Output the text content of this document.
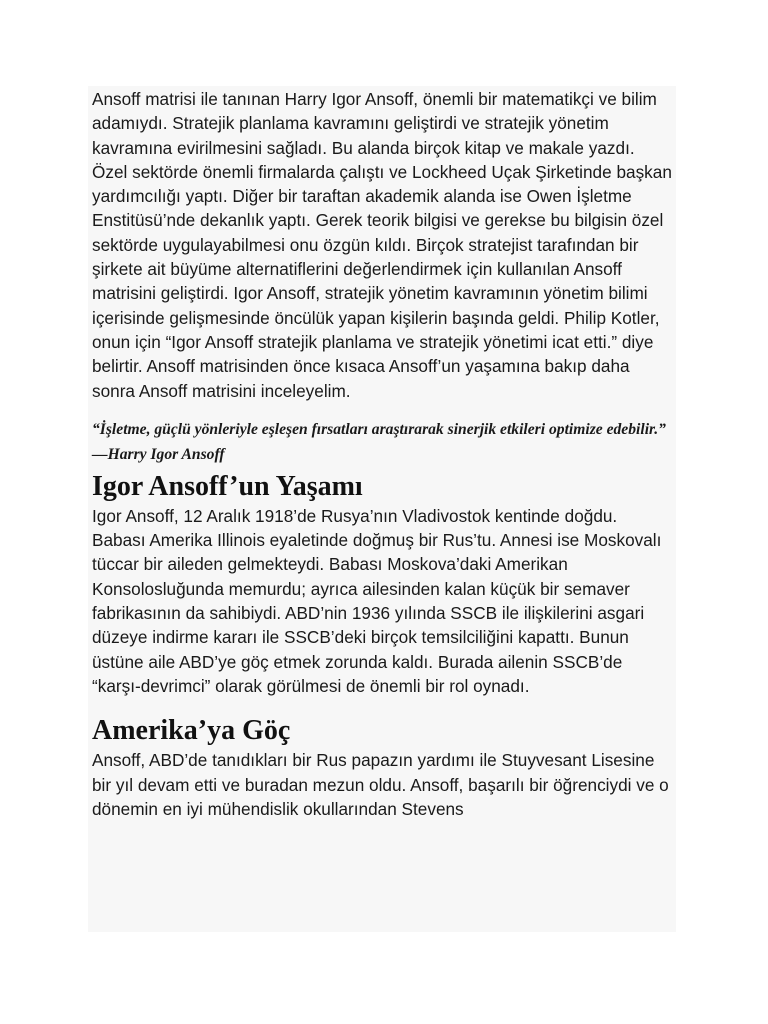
Ansoff matrisi ile tanınan Harry Igor Ansoff, önemli bir matematikçi ve bilim adamıydı. Stratejik planlama kavramını geliştirdi ve stratejik yönetim kavramına evirilmesini sağladı. Bu alanda birçok kitap ve makale yazdı. Özel sektörde önemli firmalarda çalıştı ve Lockheed Uçak Şirketinde başkan yardımcılığı yaptı. Diğer bir taraftan akademik alanda ise Owen İşletme Enstitüsü’nde dekanlık yaptı. Gerek teorik bilgisi ve gerekse bu bilgisin özel sektörde uygulayabilmesi onu özgün kıldı. Birçok stratejist tarafından bir şirkete ait büyüme alternatiflerini değerlendirmek için kullanılan Ansoff matrisini geliştirdi. Igor Ansoff, stratejik yönetim kavramının yönetim bilimi içerisinde gelişmesinde öncülük yapan kişilerin başında geldi. Philip Kotler, onun için “Igor Ansoff stratejik planlama ve stratejik yönetimi icat etti.” diye belirtir. Ansoff matrisinden önce kısaca Ansoff’un yaşamına bakıp daha sonra Ansoff matrisini inceleyelim.

“İşletme, güçlü yönleriyle eşleşen fırsatları araştırarak sinerjik etkileri optimize edebilir.”

—Harry Igor Ansoff

Igor Ansoff’un Yaşamı

Igor Ansoff, 12 Aralık 1918’de Rusya’nın Vladivostok kentinde doğdu. Babası Amerika Illinois eyaletinde doğmuş bir Rus’tu. Annesi ise Moskovalı tüccar bir aileden gelmekteydi. Babası Moskova’daki Amerikan Konsolosluğunda memurdu; ayrıca ailesinden kalan küçük bir semaver fabrikasının da sahibiydi. ABD’nin 1936 yılında SSCB ile ilişkilerini asgari düzeye indirme kararı ile SSCB’deki birçok temsilciliğini kapattı. Bunun üstüne aile ABD’ye göç etmek zorunda kaldı. Burada ailenin SSCB’de “karşı-devrimci” olarak görülmesi de önemli bir rol oynadı.

Amerika’ya Göç

Ansoff, ABD’de tanıdıkları bir Rus papazın yardımı ile Stuyvesant Lisesine bir yıl devam etti ve buradan mezun oldu. Ansoff, başarılı bir öğrenciydi ve o dönemin en iyi mühendislik okullarından Stevens
